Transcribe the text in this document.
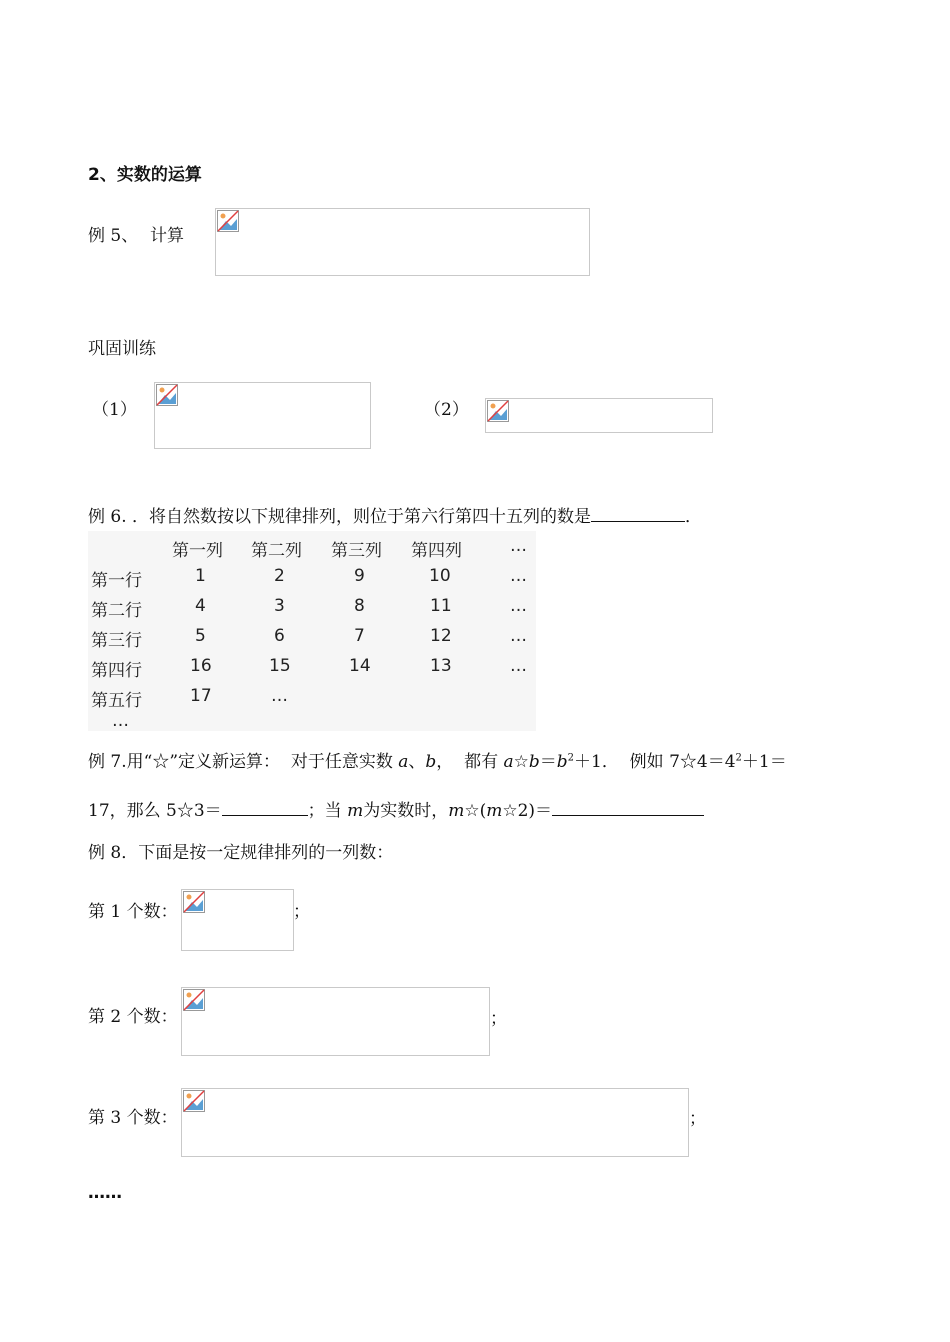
2、实数的运算
例 5、 计算
巩固训练
（1）	（2）
例 6. ．将自然数按以下规律排列，则位于第六行第四十五列的数是	．
第一列 第二列 第三列 第四列	…
第一行	1	2	9	10	…
第二行	4	3	8	11	…
第三行	5	6	7	12	…
第四行	16	15	14	13	…
第五行	17	…
…
例 7.用“☆”定义新运算： 对于任意实数 a、b， 都有 $a☆b=b^2+1$． 例如 $7☆4=4^2+1=$
17，那么 5☆3＝	；当 m为实数时，m☆(m☆2)＝
例 8．下面是按一定规律排列的一列数：
第 1 个数：	；
第 2 个数：	；
第 3 个数：	；
……
